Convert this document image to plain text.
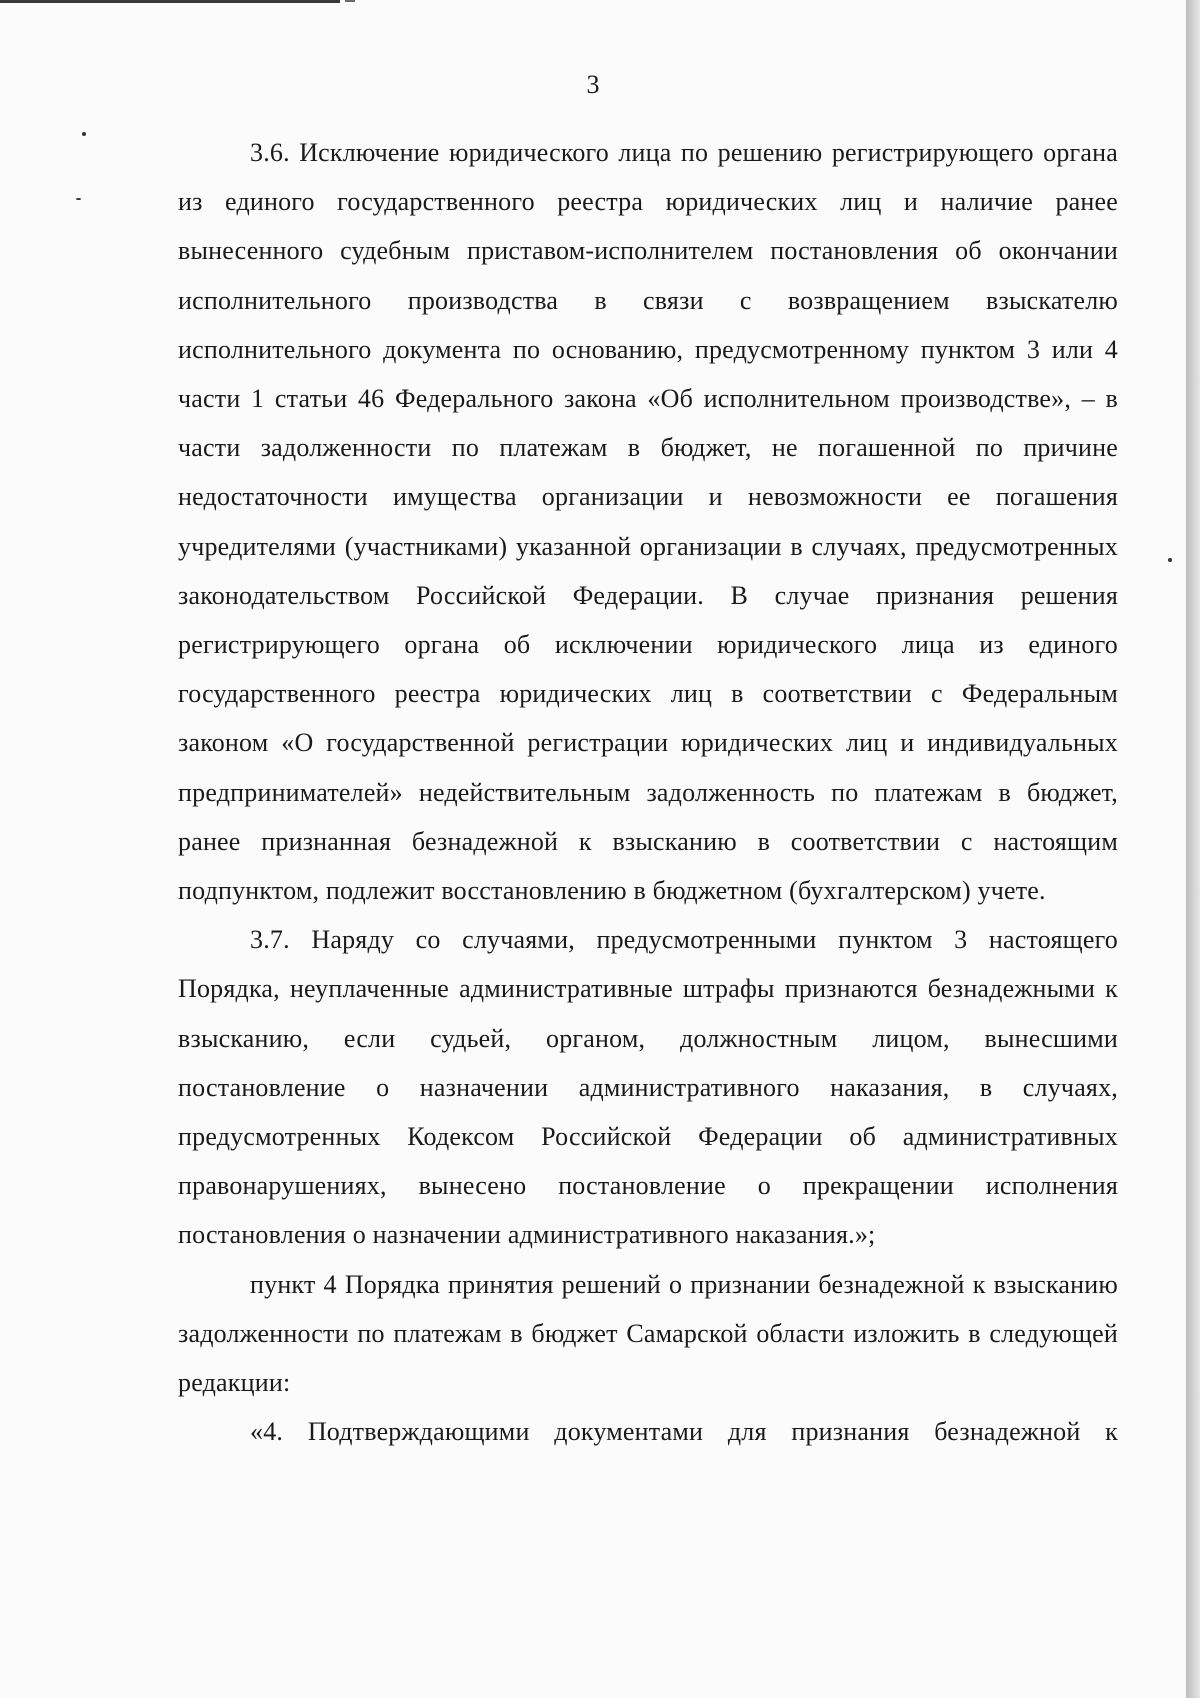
3

3.6. Исключение юридического лица по решению регистрирующего органа из единого государственного реестра юридических лиц и наличие ранее вынесенного судебным приставом-исполнителем постановления об окончании исполнительного производства в связи с возвращением взыскателю исполнительного документа по основанию, предусмотренному пунктом 3 или 4 части 1 статьи 46 Федерального закона «Об исполнительном производстве», – в части задолженности по платежам в бюджет, не погашенной по причине недостаточности имущества организации и невозможности ее погашения учредителями (участниками) указанной организации в случаях, предусмотренных законодательством Российской Федерации. В случае признания решения регистрирующего органа об исключении юридического лица из единого государственного реестра юридических лиц в соответствии с Федеральным законом «О государственной регистрации юридических лиц и индивидуальных предпринимателей» недействительным задолженность по платежам в бюджет, ранее признанная безнадежной к взысканию в соответствии с настоящим подпунктом, подлежит восстановлению в бюджетном (бухгалтерском) учете.

3.7. Наряду со случаями, предусмотренными пунктом 3 настоящего Порядка, неуплаченные административные штрафы признаются безнадежными к взысканию, если судьей, органом, должностным лицом, вынесшими постановление о назначении административного наказания, в случаях, предусмотренных Кодексом Российской Федерации об административных правонарушениях, вынесено постановление о прекращении исполнения постановления о назначении административного наказания.»;

пункт 4 Порядка принятия решений о признании безнадежной к взысканию задолженности по платежам в бюджет Самарской области изложить в следующей редакции:

«4. Подтверждающими документами для признания безнадежной к
